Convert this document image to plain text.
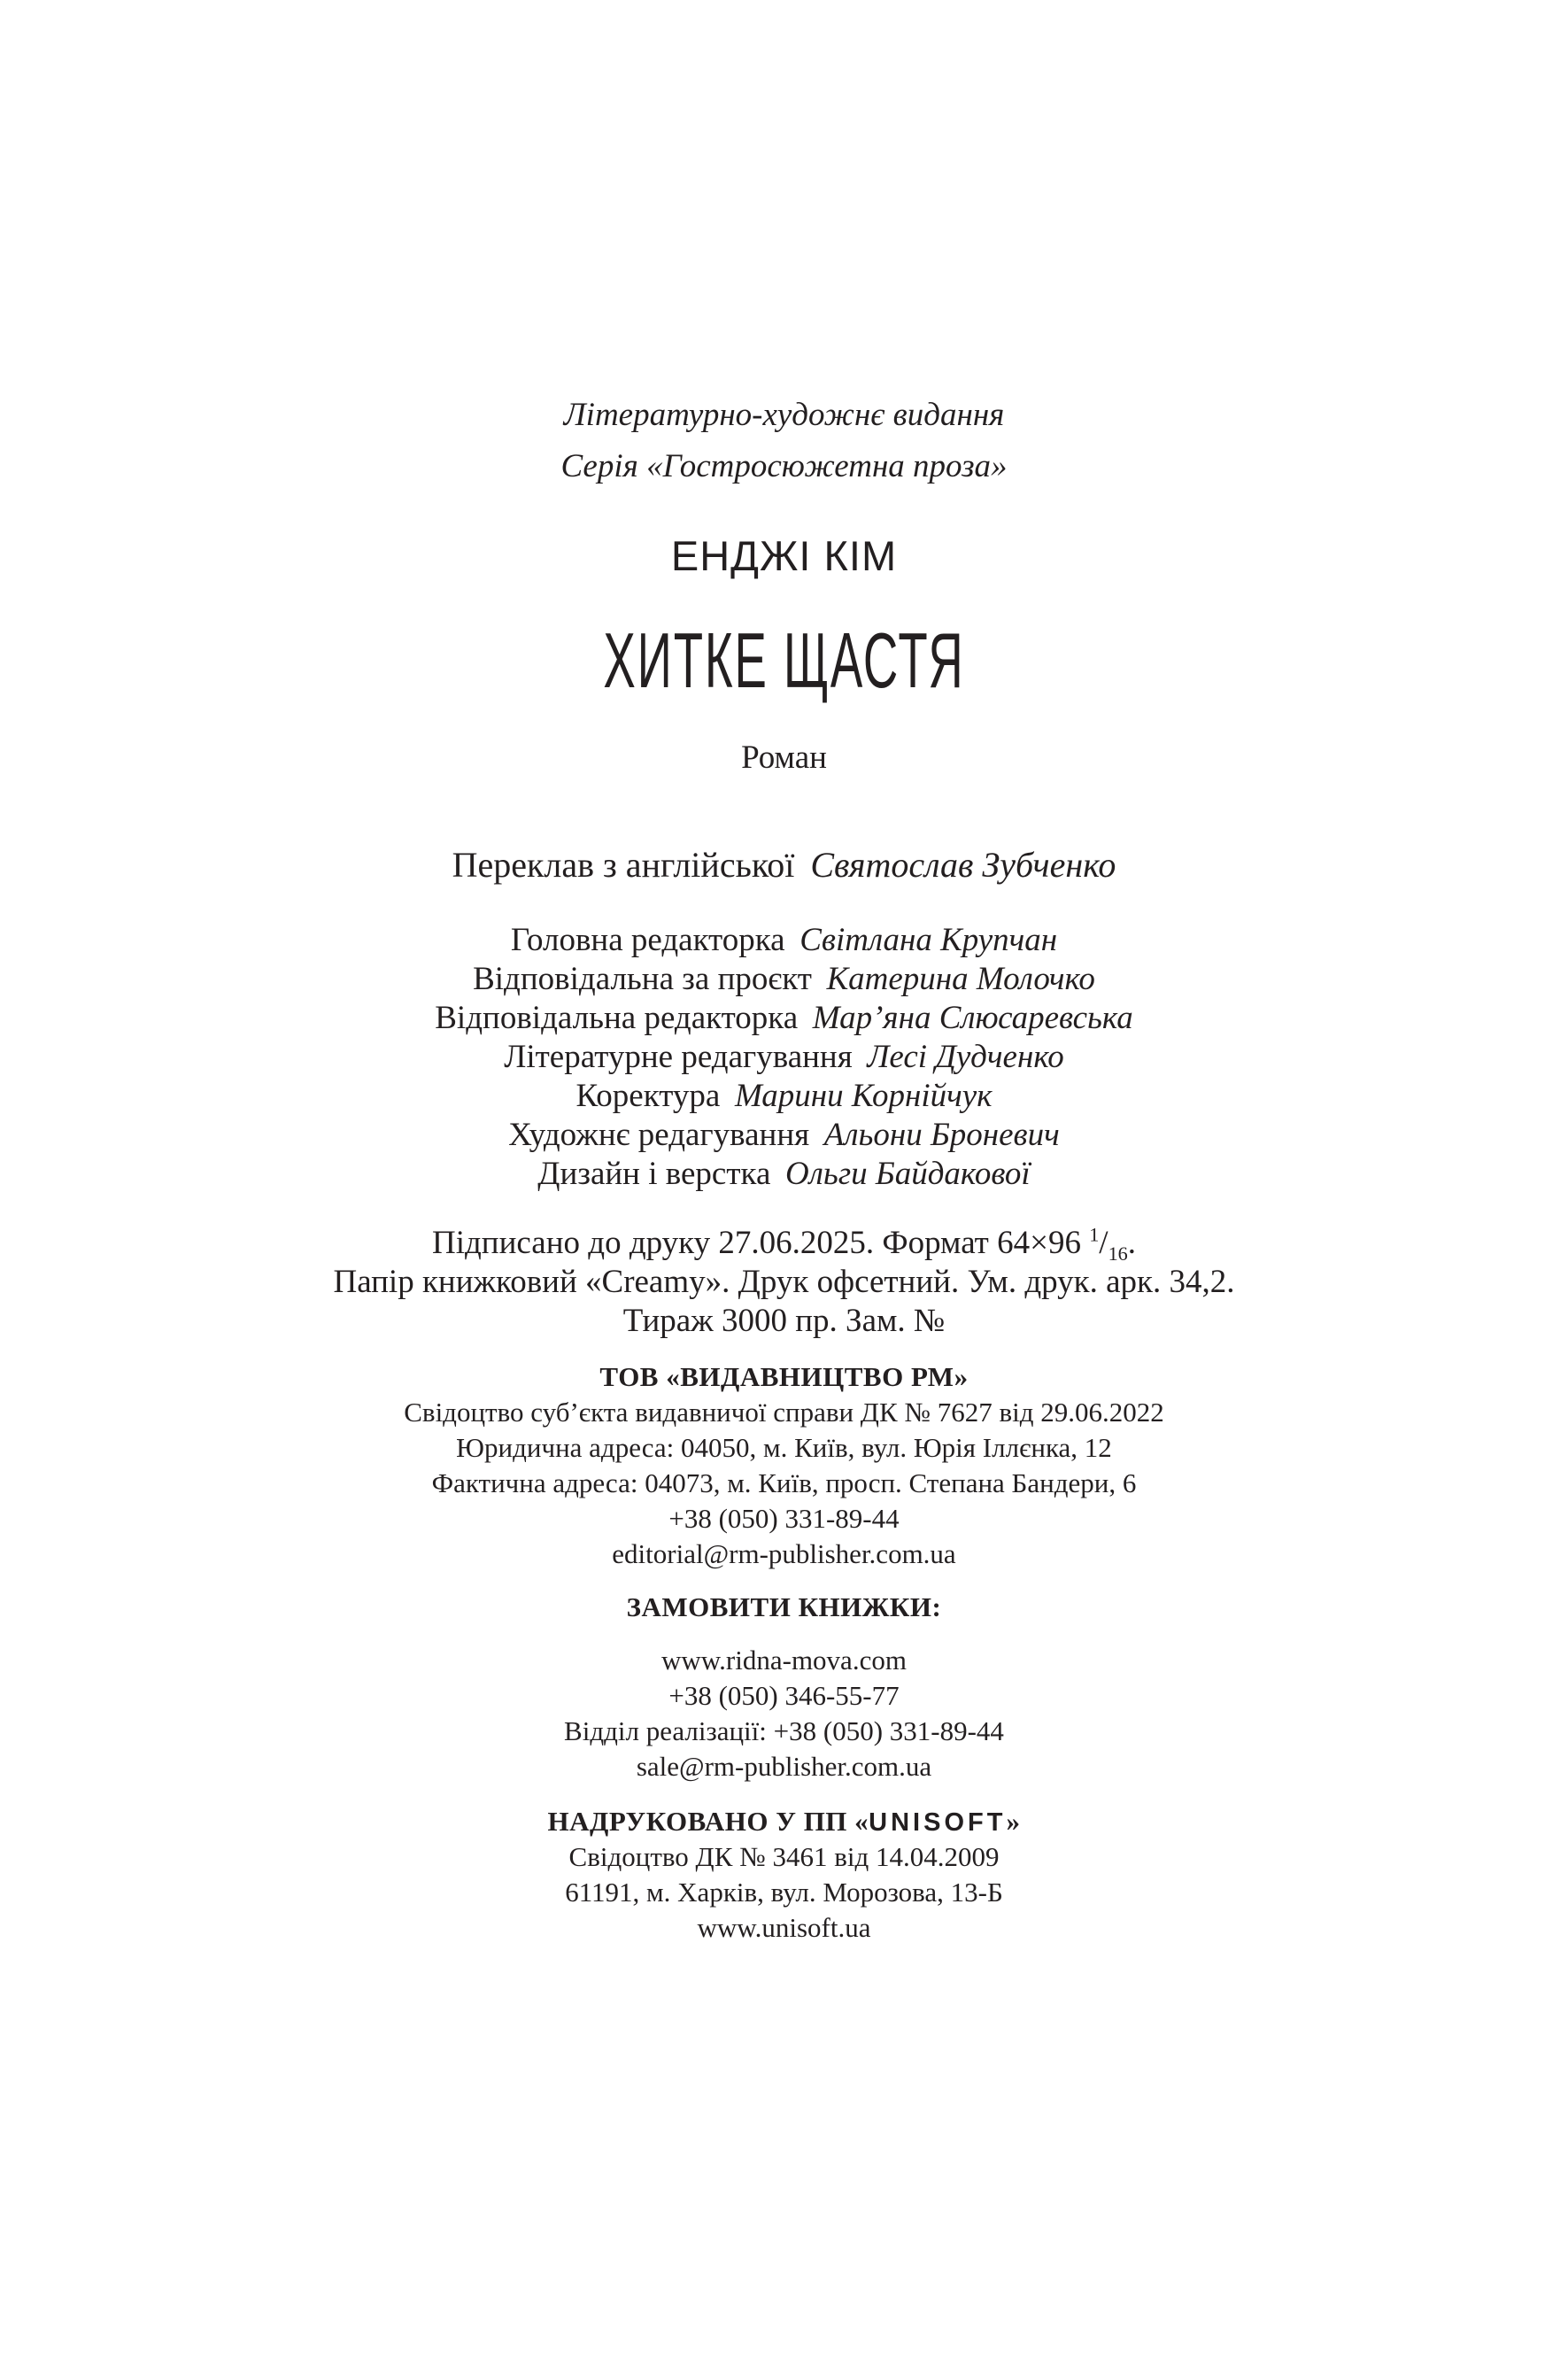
Літературно-художнє видання
Серія «Гостросюжетна проза»
ЕНДЖІ КІМ
ХИТКЕ ЩАСТЯ
Роман
Переклав з англійської Святослав Зубченко
Головна редакторка Світлана Крупчан
Відповідальна за проєкт Катерина Молочко
Відповідальна редакторка Мар’яна Слюсаревська
Літературне редагування Лесі Дудченко
Коректура Марини Корнійчук
Художнє редагування Альони Броневич
Дизайн і верстка Ольги Байдакової
Підписано до друку 27.06.2025. Формат 64×96 $^1/_{16}$.
Папір книжковий «Creamy». Друк офсетний. Ум. друк. арк. 34,2.
Тираж 3000 пр. Зам. №
ТОВ «ВИДАВНИЦТВО РМ»
Свідоцтво суб’єкта видавничої справи ДК № 7627 від 29.06.2022
Юридична адреса: 04050, м. Київ, вул. Юрія Іллєнка, 12
Фактична адреса: 04073, м. Київ, просп. Степана Бандери, 6
+38 (050) 331-89-44
editorial@rm-publisher.com.ua
ЗАМОВИТИ КНИЖКИ:
www.ridna-mova.com
+38 (050) 346-55-77
Відділ реалізації: +38 (050) 331-89-44
sale@rm-publisher.com.ua
НАДРУКОВАНО У ПП «UNISOFT»
Свідоцтво ДК № 3461 від 14.04.2009
61191, м. Харків, вул. Морозова, 13-Б
www.unisoft.ua
